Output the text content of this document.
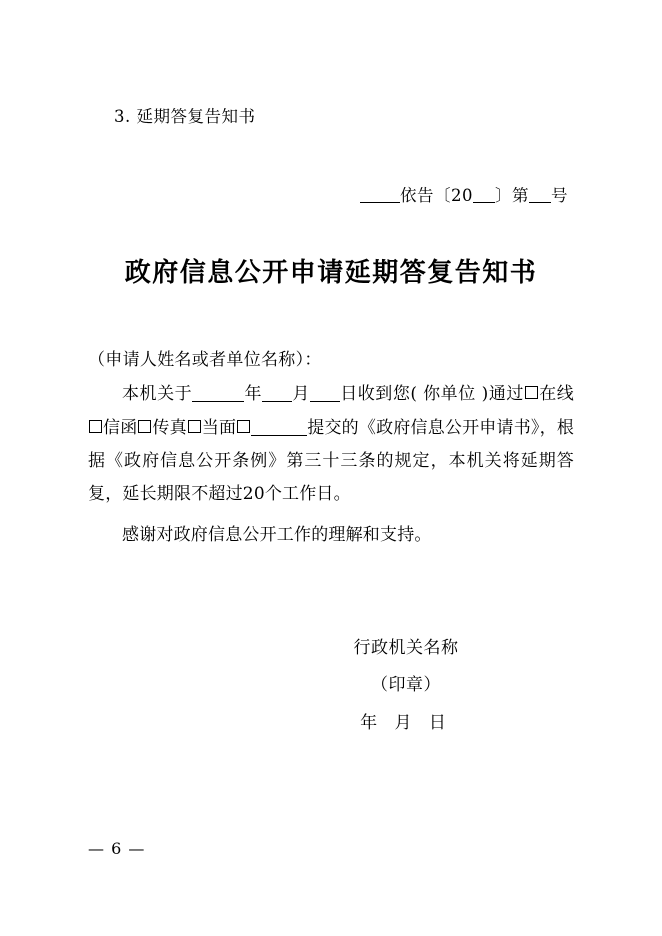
3. 延期答复告知书
依告〔20 〕第 号
政府信息公开申请延期答复告知书
（申请人姓名或者单位名称）：
本机关于	年 月 日收到您( 你单位 )通过 在线信函 传真 当面	提交的《政府信息公开申请书》，根据《政府信息公开条例》第三十三条的规定，本机关将延期答复，延长期限不超过20个工作日。
感谢对政府信息公开工作的理解和支持。
行政机关名称
（印章）
年 月 日
— 6 —
